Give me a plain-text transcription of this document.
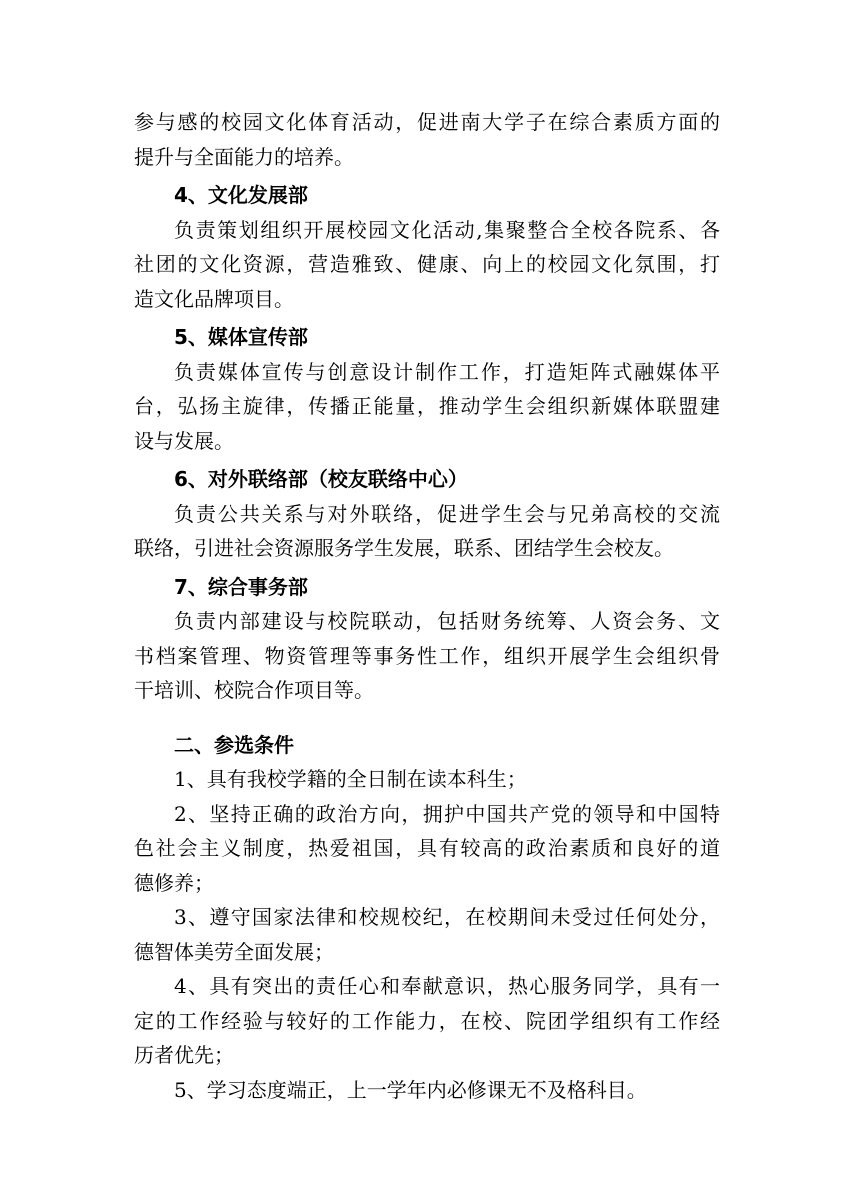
参与感的校园文化体育活动，促进南大学子在综合素质方面的
提升与全面能力的培养。
4、文化发展部
负责策划组织开展校园文化活动,集聚整合全校各院系、各
社团的文化资源，营造雅致、健康、向上的校园文化氛围，打
造文化品牌项目。
5、媒体宣传部
负责媒体宣传与创意设计制作工作，打造矩阵式融媒体平
台，弘扬主旋律，传播正能量，推动学生会组织新媒体联盟建
设与发展。
6、对外联络部（校友联络中心）
负责公共关系与对外联络，促进学生会与兄弟高校的交流
联络，引进社会资源服务学生发展，联系、团结学生会校友。
7、综合事务部
负责内部建设与校院联动，包括财务统筹、人资会务、文
书档案管理、物资管理等事务性工作，组织开展学生会组织骨
干培训、校院合作项目等。
二、参选条件
1、具有我校学籍的全日制在读本科生；
2、坚持正确的政治方向，拥护中国共产党的领导和中国特
色社会主义制度，热爱祖国，具有较高的政治素质和良好的道
德修养；
3、遵守国家法律和校规校纪，在校期间未受过任何处分，
德智体美劳全面发展；
4、具有突出的责任心和奉献意识，热心服务同学，具有一
定的工作经验与较好的工作能力，在校、院团学组织有工作经
历者优先；
5、学习态度端正，上一学年内必修课无不及格科目。
